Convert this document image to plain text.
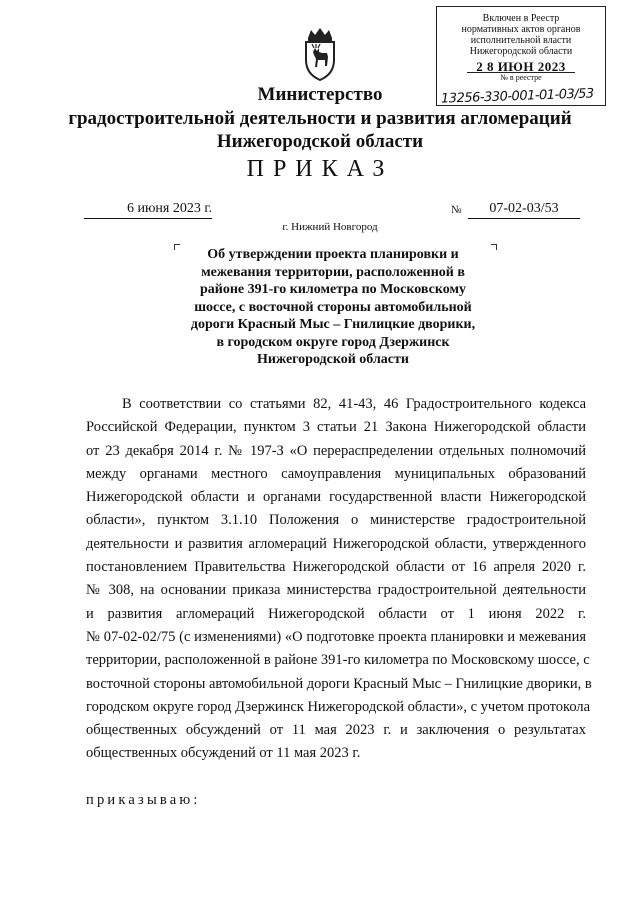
Включен в Реестр
нормативных актов органов
исполнительной власти
Нижегородской области
2 8 ИЮН 2023
№ в реестре
13256-330-001-01-03/53
Министерство
градостроительной деятельности и развития агломераций
Нижегородской области
ПРИКАЗ
6 июня 2023 г.	№	07-02-03/53
г. Нижний Новгород
Об утверждении проекта планировки и
межевания территории, расположенной в
районе 391-го километра по Московскому
шоссе, с восточной стороны автомобильной
дороги Красный Мыс – Гнилицкие дворики,
в городском округе город Дзержинск
Нижегородской области
В соответствии со статьями 82, 41-43, 46 Градостроительного кодекса
Российской Федерации, пунктом 3 статьи 21 Закона Нижегородской области
от 23 декабря 2014 г. № 197-З «О перераспределении отдельных полномочий
между органами местного самоуправления муниципальных образований
Нижегородской области и органами государственной власти Нижегородской
области», пунктом 3.1.10 Положения о министерстве градостроительной
деятельности и развития агломераций Нижегородской области, утвержденного
постановлением Правительства Нижегородской области от 16 апреля 2020 г.
№ 308, на основании приказа министерства градостроительной деятельности
и развития агломераций Нижегородской области от 1 июня 2022 г.
№ 07-02-02/75 (с изменениями) «О подготовке проекта планировки и межевания
территории, расположенной в районе 391-го километра по Московскому шоссе, с
восточной стороны автомобильной дороги Красный Мыс – Гнилицкие дворики, в
городском округе город Дзержинск Нижегородской области», с учетом протокола
общественных обсуждений от 11 мая 2023 г. и заключения о результатах
общественных обсуждений от 11 мая 2023 г.
приказываю:
